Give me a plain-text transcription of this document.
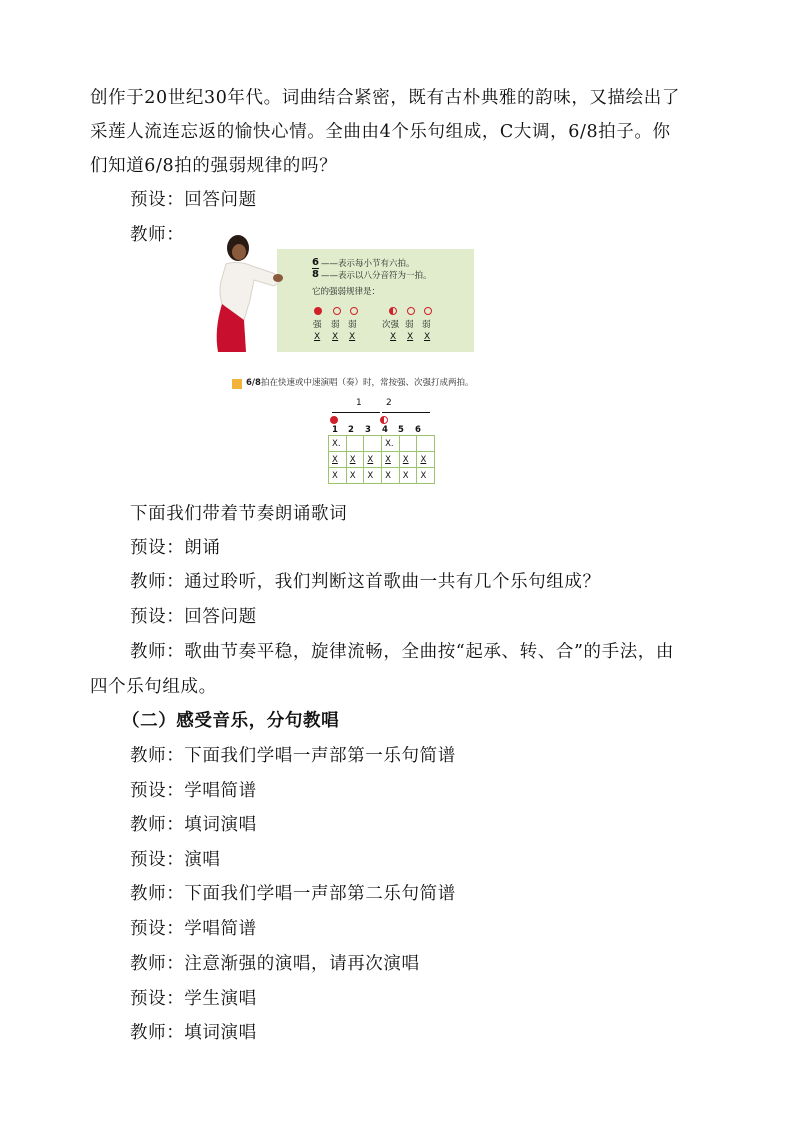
创作于20世纪30年代。词曲结合紧密，既有古朴典雅的韵味，又描绘出了
采莲人流连忘返的愉快心情。全曲由4个乐句组成，C大调，6/8拍子。你
们知道6/8拍的强弱规律的吗？
预设：回答问题
教师：
6
8
——表示每小节有六拍。
——表示以八分音符为一拍。
它的强弱规律是：
强 弱 弱	次强 弱 弱
X X X	X X X
6/8拍在快速或中速演唱（奏）时，常按强、次强打成两拍。
1	2
1 2 3 4 5 6
X.			X.		
X	X	X	X	X	X
X	X	X	X	X	X
下面我们带着节奏朗诵歌词
预设：朗诵
教师：通过聆听，我们判断这首歌曲一共有几个乐句组成？
预设：回答问题
教师：歌曲节奏平稳，旋律流畅，全曲按“起承、转、合”的手法，由
四个乐句组成。
（二）感受音乐，分句教唱
教师：下面我们学唱一声部第一乐句简谱
预设：学唱简谱
教师：填词演唱
预设：演唱
教师：下面我们学唱一声部第二乐句简谱
预设：学唱简谱
教师：注意渐强的演唱，请再次演唱
预设：学生演唱
教师：填词演唱
